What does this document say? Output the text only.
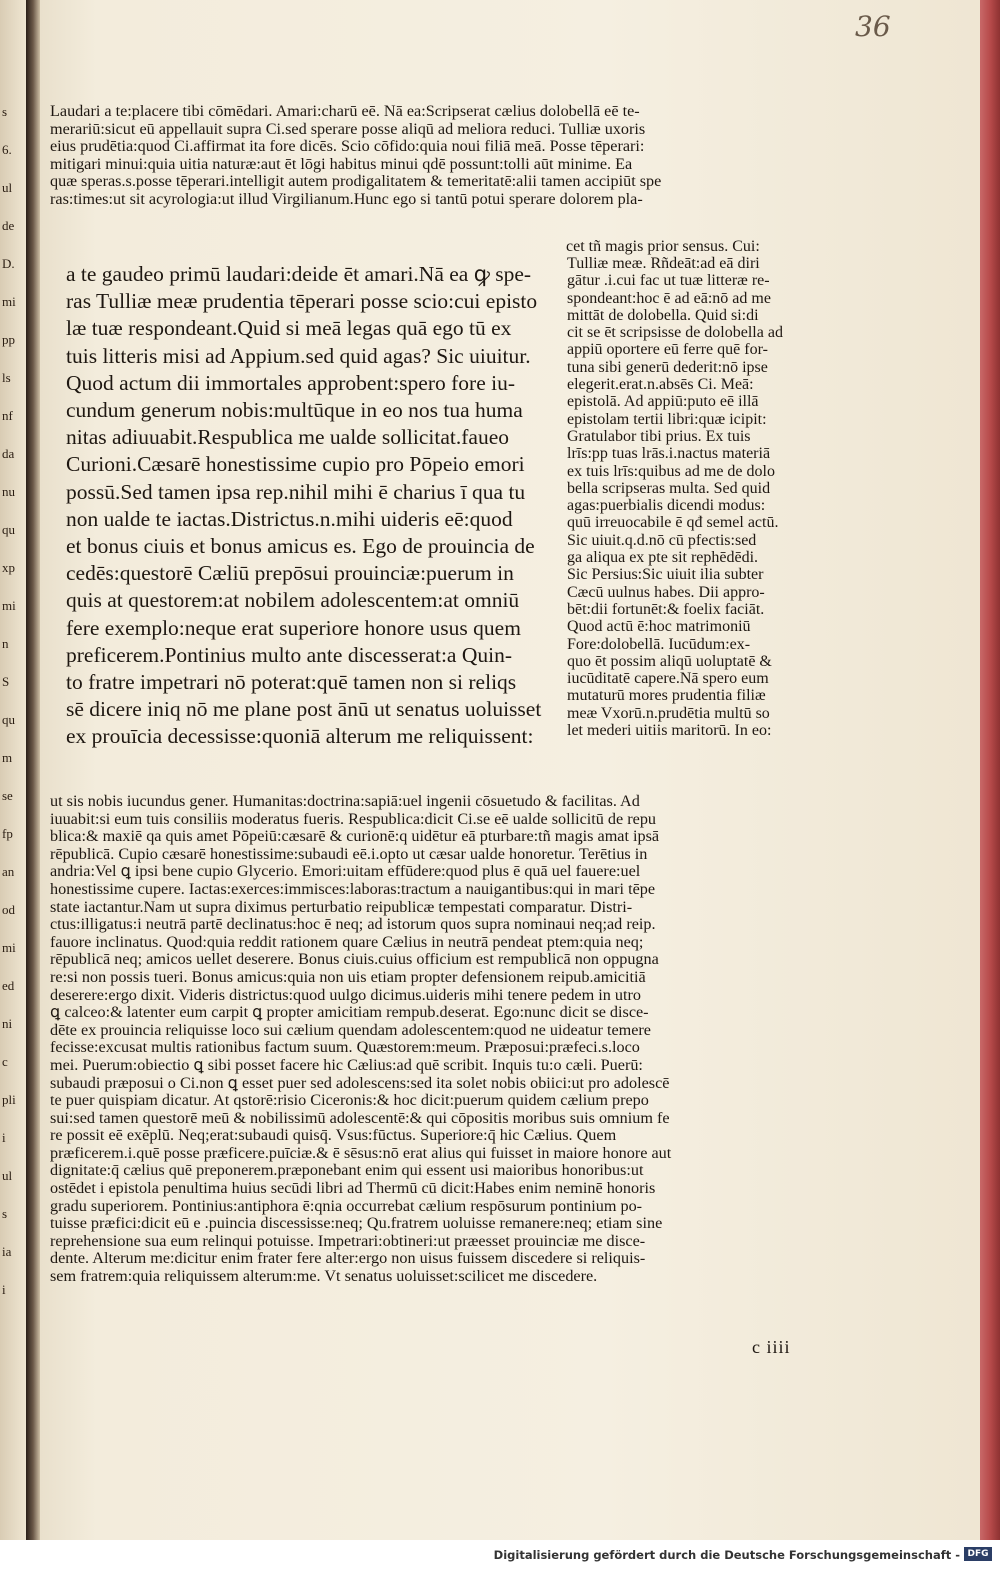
s
6.
ul
de
D.
mi
pp
ls
nf
da
nu
qu
xp
mi
n
S
qu
m
se
fp
an
od
mi
ed
ni
c
pli
i
ul
s
ia
i
36
Laudari a te:placere tibi cōmēdari. Amari:charū eē. Nā ea:Scripserat cælius dolobellā eē te-
merariū:sicut eū appellauit supra Ci.sed sperare posse aliqū ad meliora reduci. Tulliæ uxoris
eius prudētia:quod Ci.affirmat ita fore dicēs. Scio cōfido:quia noui filiā meā. Posse tēperari:
mitigari minui:quia uitia naturæ:aut ēt lōgi habitus minui qdē possunt:tolli aūt minime. Ea
quæ speras.s.posse tēperari.intelligit autem prodigalitatem & temeritatē:alii tamen accipiūt spe
ras:times:ut sit acyrologia:ut illud Virgilianum.Hunc ego si tantū potui sperare dolorem pla-
cet tñ magis prior sensus. Cui:
a te gaudeo primū laudari:deide ēt amari.Nā ea ꝙ spe-
ras Tulliæ meæ prudentia tēperari posse scio:cui episto
læ tuæ respondeant.Quid si meā legas quā ego tū ex
tuis litteris misi ad Appium.sed quid agas? Sic uiuitur.
Quod actum dii immortales approbent:spero fore iu-
cundum generum nobis:multūque in eo nos tua huma
nitas adiuuabit.Respublica me ualde sollicitat.faueo
Curioni.Cæsarē honestissime cupio pro Pōpeio emori
possū.Sed tamen ipsa rep.nihil mihi ē charius ī qua tu
non ualde te iactas.Districtus.n.mihi uideris eē:quod
et bonus ciuis et bonus amicus es. Ego de prouincia de
cedēs:questorē Cæliū prepōsui prouinciæ:puerum in
quis at questorem:at nobilem adolescentem:at omniū
fere exemplo:neque erat superiore honore usus quem
preficerem.Pontinius multo ante discesserat:a Quin-
to fratre impetrari nō poterat:quē tamen non si reliqs
sē dicere iniq nō me plane post ānū ut senatus uoluisset
ex prouīcia decessisse:quoniā alterum me reliquissent:
Tulliæ meæ. Rñdeāt:ad eā diri
gātur .i.cui fac ut tuæ litteræ re-
spondeant:hoc ē ad eā:nō ad me
mittāt de dolobella. Quid si:di
cit se ēt scripsisse de dolobella ad
appiū oportere eū ferre quē for-
tuna sibi generū dederit:nō ipse
elegerit.erat.n.absēs Ci. Meā:
epistolā. Ad appiū:puto eē illā
epistolam tertii libri:quæ icipit:
Gratulabor tibi prius. Ex tuis
lrīs:pp tuas lrās.i.nactus materiā
ex tuis lrīs:quibus ad me de dolo
bella scripseras multa. Sed quid
agas:puerbialis dicendi modus:
quū irreuocabile ē qđ semel actū.
Sic uiuit.q.d.nō cū pfectis:sed
ga aliqua ex pte sit rephēdēdi.
Sic Persius:Sic uiuit ilia subter
Cæcū uulnus habes. Dii appro-
bēt:dii fortunēt:& foelix faciāt.
Quod actū ē:hoc matrimoniū
Fore:dolobellā. Iucūdum:ex-
quo ēt possim aliqū uoluptatē &
iucūditatē capere.Nā spero eum
mutaturū mores prudentia filiæ
meæ Vxorū.n.prudētia multū so
let mederi uitiis maritorū. In eo:
ut sis nobis iucundus gener. Humanitas:doctrina:sapiā:uel ingenii cōsuetudo & facilitas. Ad
iuuabit:si eum tuis consiliis moderatus fueris. Respublica:dicit Ci.se eē ualde sollicitū de repu
blica:& maxiē qa quis amet Pōpeiū:cæsarē & curionē:q uidētur eā pturbare:tñ magis amat ipsā
rēpublicā. Cupio cæsarē honestissime:subaudi eē.i.opto ut cæsar ualde honoretur. Terētius in
andria:Vel ꝗ ipsi bene cupio Glycerio. Emori:uitam effūdere:quod plus ē quā uel fauere:uel
honestissime cupere. Iactas:exerces:immisces:laboras:tractum a nauigantibus:qui in mari tēpe
state iactantur.Nam ut supra diximus perturbatio reipublicæ tempestati comparatur. Distri-
ctus:illigatus:i neutrā partē declinatus:hoc ē neq; ad istorum quos supra nominaui neq;ad reip.
fauore inclinatus. Quod:quia reddit rationem quare Cælius in neutrā pendeat ptem:quia neq;
rēpublicā neq; amicos uellet deserere. Bonus ciuis.cuius officium est rempublicā non oppugna
re:si non possis tueri. Bonus amicus:quia non uis etiam propter defensionem reipub.amicitiā
deserere:ergo dixit. Videris districtus:quod uulgo dicimus.uideris mihi tenere pedem in utro
ꝗ calceo:& latenter eum carpit ꝗ propter amicitiam rempub.deserat. Ego:nunc dicit se disce-
dēte ex prouincia reliquisse loco sui cælium quendam adolescentem:quod ne uideatur temere
fecisse:excusat multis rationibus factum suum. Quæstorem:meum. Præposui:præfeci.s.loco
mei. Puerum:obiectio ꝗ sibi posset facere hic Cælius:ad quē scribit. Inquis tu:o cæli. Puerū:
subaudi præposui o Ci.non ꝗ esset puer sed adolescens:sed ita solet nobis obiici:ut pro adolescē
te puer quispiam dicatur. At qstorē:risio Ciceronis:& hoc dicit:puerum quidem cælium prepo
sui:sed tamen questorē meū & nobilissimū adolescentē:& qui cōpositis moribus suis omnium fe
re possit eē exēplū. Neq;erat:subaudi quisq̄. Vsus:fūctus. Superiore:q̄ hic Cælius. Quem
præficerem.i.quē posse præficere.puīciæ.& ē sēsus:nō erat alius qui fuisset in maiore honore aut
dignitate:q̄ cælius quē preponerem.præponebant enim qui essent usi maioribus honoribus:ut
ostēdet i epistola penultima huius secūdi libri ad Thermū cū dicit:Habes enim neminē honoris
gradu superiorem. Pontinius:antiphora ē:qnia occurrebat cælium respōsurum pontinium po-
tuisse præfici:dicit eū e .puincia discessisse:neq; Qu.fratrem uoluisse remanere:neq; etiam sine
reprehensione sua eum relinqui potuisse. Impetrari:obtineri:ut præesset prouinciæ me disce-
dente. Alterum me:dicitur enim frater fere alter:ergo non uisus fuissem discedere si reliquis-
sem fratrem:quia reliquissem alterum:me. Vt senatus uoluisset:scilicet me discedere.
c iiii
Digitalisierung gefördert durch die Deutsche Forschungsgemeinschaft - DFG
